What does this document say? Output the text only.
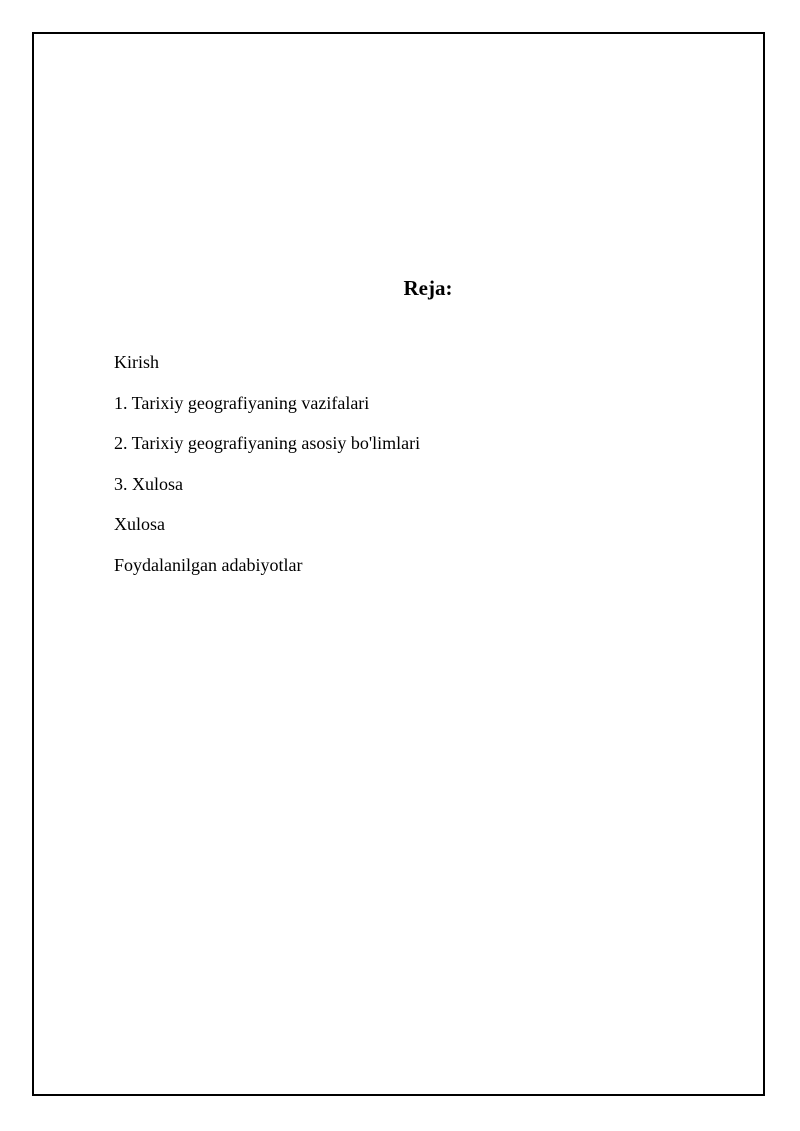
Reja:
Kirish
1. Tarixiy geografiyaning vazifalari
2. Tarixiy geografiyaning asosiy bo'limlari
3. Xulosa
Xulosa
Foydalanilgan adabiyotlar
